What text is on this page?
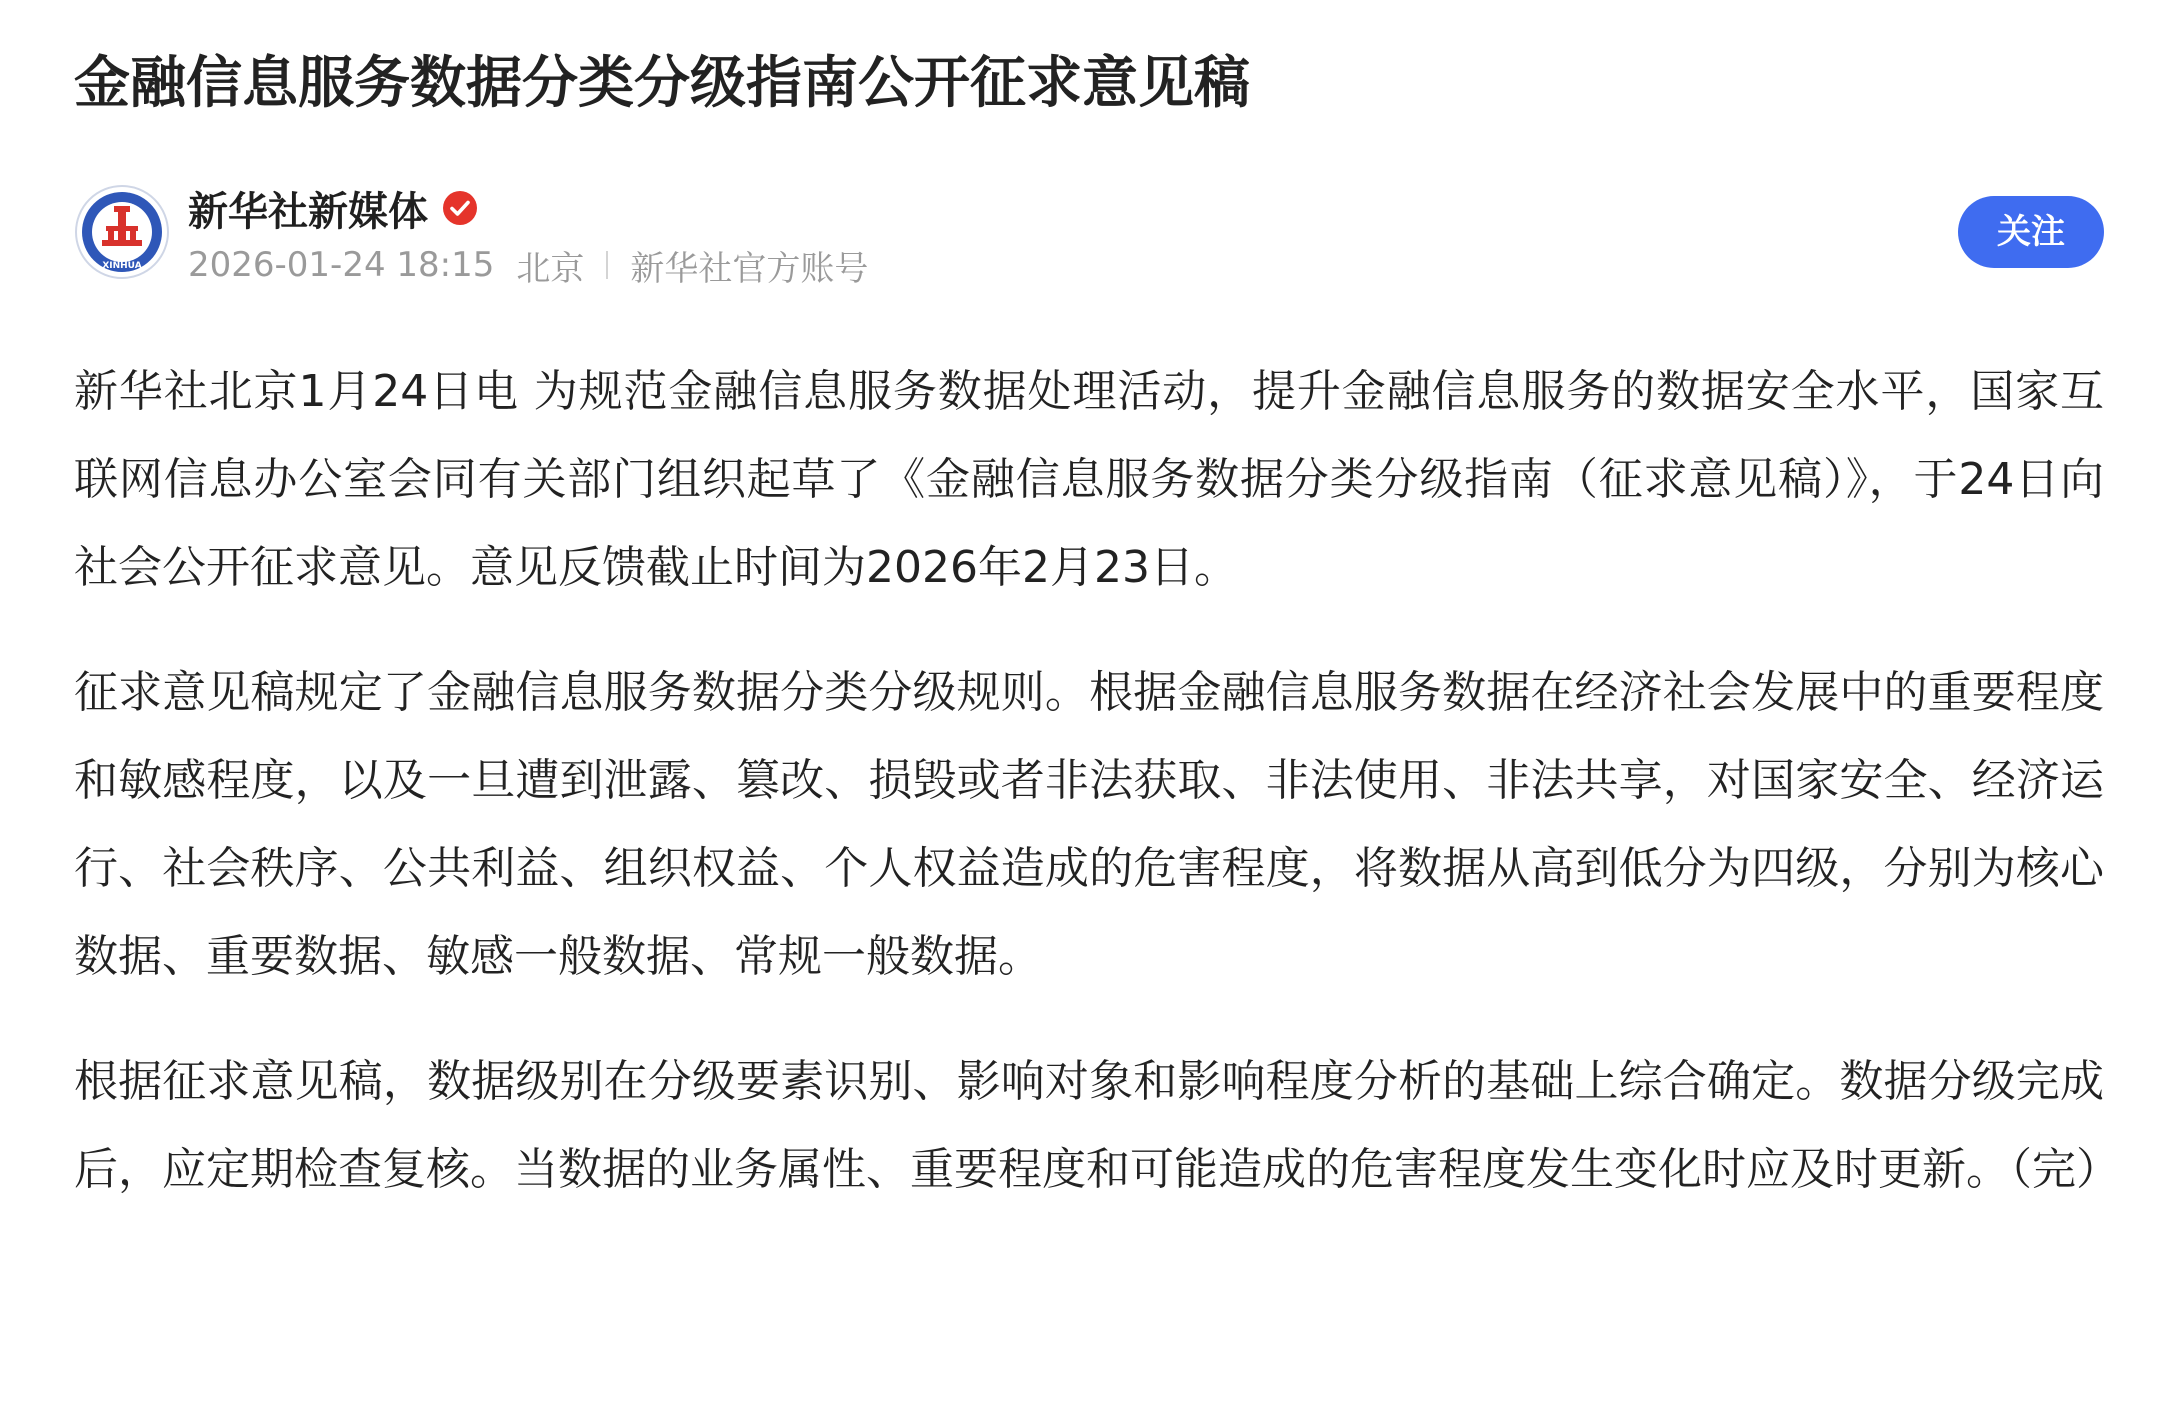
金融信息服务数据分类分级指南公开征求意见稿
XINHUA
新华社新媒体
2026-01-24 18:15 北京 新华社官方账号
关注

新华社北京1月24日电 为规范金融信息服务数据处理活动，提升金融信息服务的数据安全水平，国家互联网信息办公室会同有关部门组织起草了《金融信息服务数据分类分级指南（征求意见稿）》，于24日向社会公开征求意见。意见反馈截止时间为2026年2月23日。

征求意见稿规定了金融信息服务数据分类分级规则。根据金融信息服务数据在经济社会发展中的重要程度和敏感程度，以及一旦遭到泄露、篡改、损毁或者非法获取、非法使用、非法共享，对国家安全、经济运行、社会秩序、公共利益、组织权益、个人权益造成的危害程度，将数据从高到低分为四级，分别为核心数据、重要数据、敏感一般数据、常规一般数据。

根据征求意见稿，数据级别在分级要素识别、影响对象和影响程度分析的基础上综合确定。数据分级完成后，应定期检查复核。当数据的业务属性、重要程度和可能造成的危害程度发生变化时应及时更新。（完）
